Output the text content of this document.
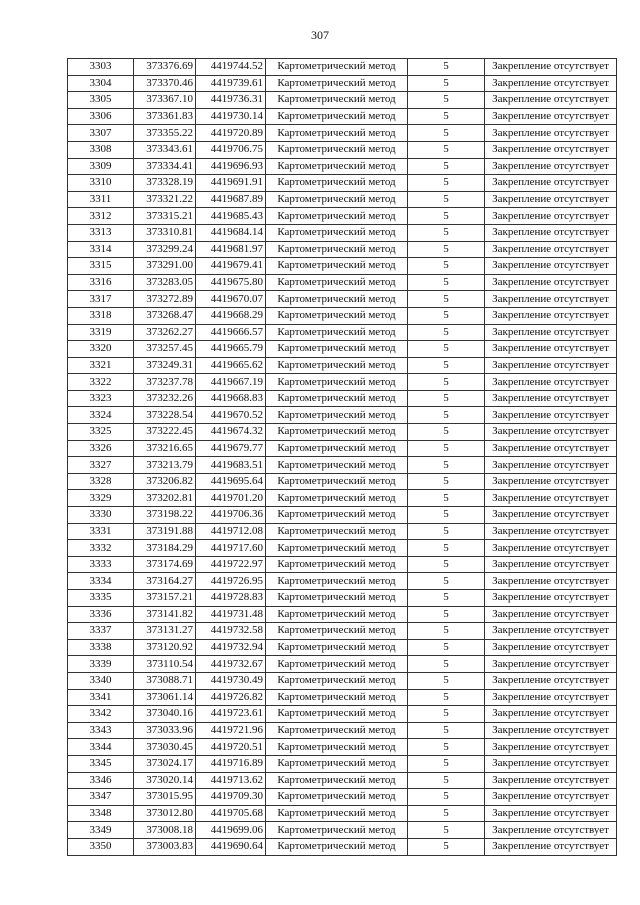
307
3303	373376.69	4419744.52	Картометрический метод	5	Закрепление отсутствует
3304	373370.46	4419739.61	Картометрический метод	5	Закрепление отсутствует
3305	373367.10	4419736.31	Картометрический метод	5	Закрепление отсутствует
3306	373361.83	4419730.14	Картометрический метод	5	Закрепление отсутствует
3307	373355.22	4419720.89	Картометрический метод	5	Закрепление отсутствует
3308	373343.61	4419706.75	Картометрический метод	5	Закрепление отсутствует
3309	373334.41	4419696.93	Картометрический метод	5	Закрепление отсутствует
3310	373328.19	4419691.91	Картометрический метод	5	Закрепление отсутствует
3311	373321.22	4419687.89	Картометрический метод	5	Закрепление отсутствует
3312	373315.21	4419685.43	Картометрический метод	5	Закрепление отсутствует
3313	373310.81	4419684.14	Картометрический метод	5	Закрепление отсутствует
3314	373299.24	4419681.97	Картометрический метод	5	Закрепление отсутствует
3315	373291.00	4419679.41	Картометрический метод	5	Закрепление отсутствует
3316	373283.05	4419675.80	Картометрический метод	5	Закрепление отсутствует
3317	373272.89	4419670.07	Картометрический метод	5	Закрепление отсутствует
3318	373268.47	4419668.29	Картометрический метод	5	Закрепление отсутствует
3319	373262.27	4419666.57	Картометрический метод	5	Закрепление отсутствует
3320	373257.45	4419665.79	Картометрический метод	5	Закрепление отсутствует
3321	373249.31	4419665.62	Картометрический метод	5	Закрепление отсутствует
3322	373237.78	4419667.19	Картометрический метод	5	Закрепление отсутствует
3323	373232.26	4419668.83	Картометрический метод	5	Закрепление отсутствует
3324	373228.54	4419670.52	Картометрический метод	5	Закрепление отсутствует
3325	373222.45	4419674.32	Картометрический метод	5	Закрепление отсутствует
3326	373216.65	4419679.77	Картометрический метод	5	Закрепление отсутствует
3327	373213.79	4419683.51	Картометрический метод	5	Закрепление отсутствует
3328	373206.82	4419695.64	Картометрический метод	5	Закрепление отсутствует
3329	373202.81	4419701.20	Картометрический метод	5	Закрепление отсутствует
3330	373198.22	4419706.36	Картометрический метод	5	Закрепление отсутствует
3331	373191.88	4419712.08	Картометрический метод	5	Закрепление отсутствует
3332	373184.29	4419717.60	Картометрический метод	5	Закрепление отсутствует
3333	373174.69	4419722.97	Картометрический метод	5	Закрепление отсутствует
3334	373164.27	4419726.95	Картометрический метод	5	Закрепление отсутствует
3335	373157.21	4419728.83	Картометрический метод	5	Закрепление отсутствует
3336	373141.82	4419731.48	Картометрический метод	5	Закрепление отсутствует
3337	373131.27	4419732.58	Картометрический метод	5	Закрепление отсутствует
3338	373120.92	4419732.94	Картометрический метод	5	Закрепление отсутствует
3339	373110.54	4419732.67	Картометрический метод	5	Закрепление отсутствует
3340	373088.71	4419730.49	Картометрический метод	5	Закрепление отсутствует
3341	373061.14	4419726.82	Картометрический метод	5	Закрепление отсутствует
3342	373040.16	4419723.61	Картометрический метод	5	Закрепление отсутствует
3343	373033.96	4419721.96	Картометрический метод	5	Закрепление отсутствует
3344	373030.45	4419720.51	Картометрический метод	5	Закрепление отсутствует
3345	373024.17	4419716.89	Картометрический метод	5	Закрепление отсутствует
3346	373020.14	4419713.62	Картометрический метод	5	Закрепление отсутствует
3347	373015.95	4419709.30	Картометрический метод	5	Закрепление отсутствует
3348	373012.80	4419705.68	Картометрический метод	5	Закрепление отсутствует
3349	373008.18	4419699.06	Картометрический метод	5	Закрепление отсутствует
3350	373003.83	4419690.64	Картометрический метод	5	Закрепление отсутствует
